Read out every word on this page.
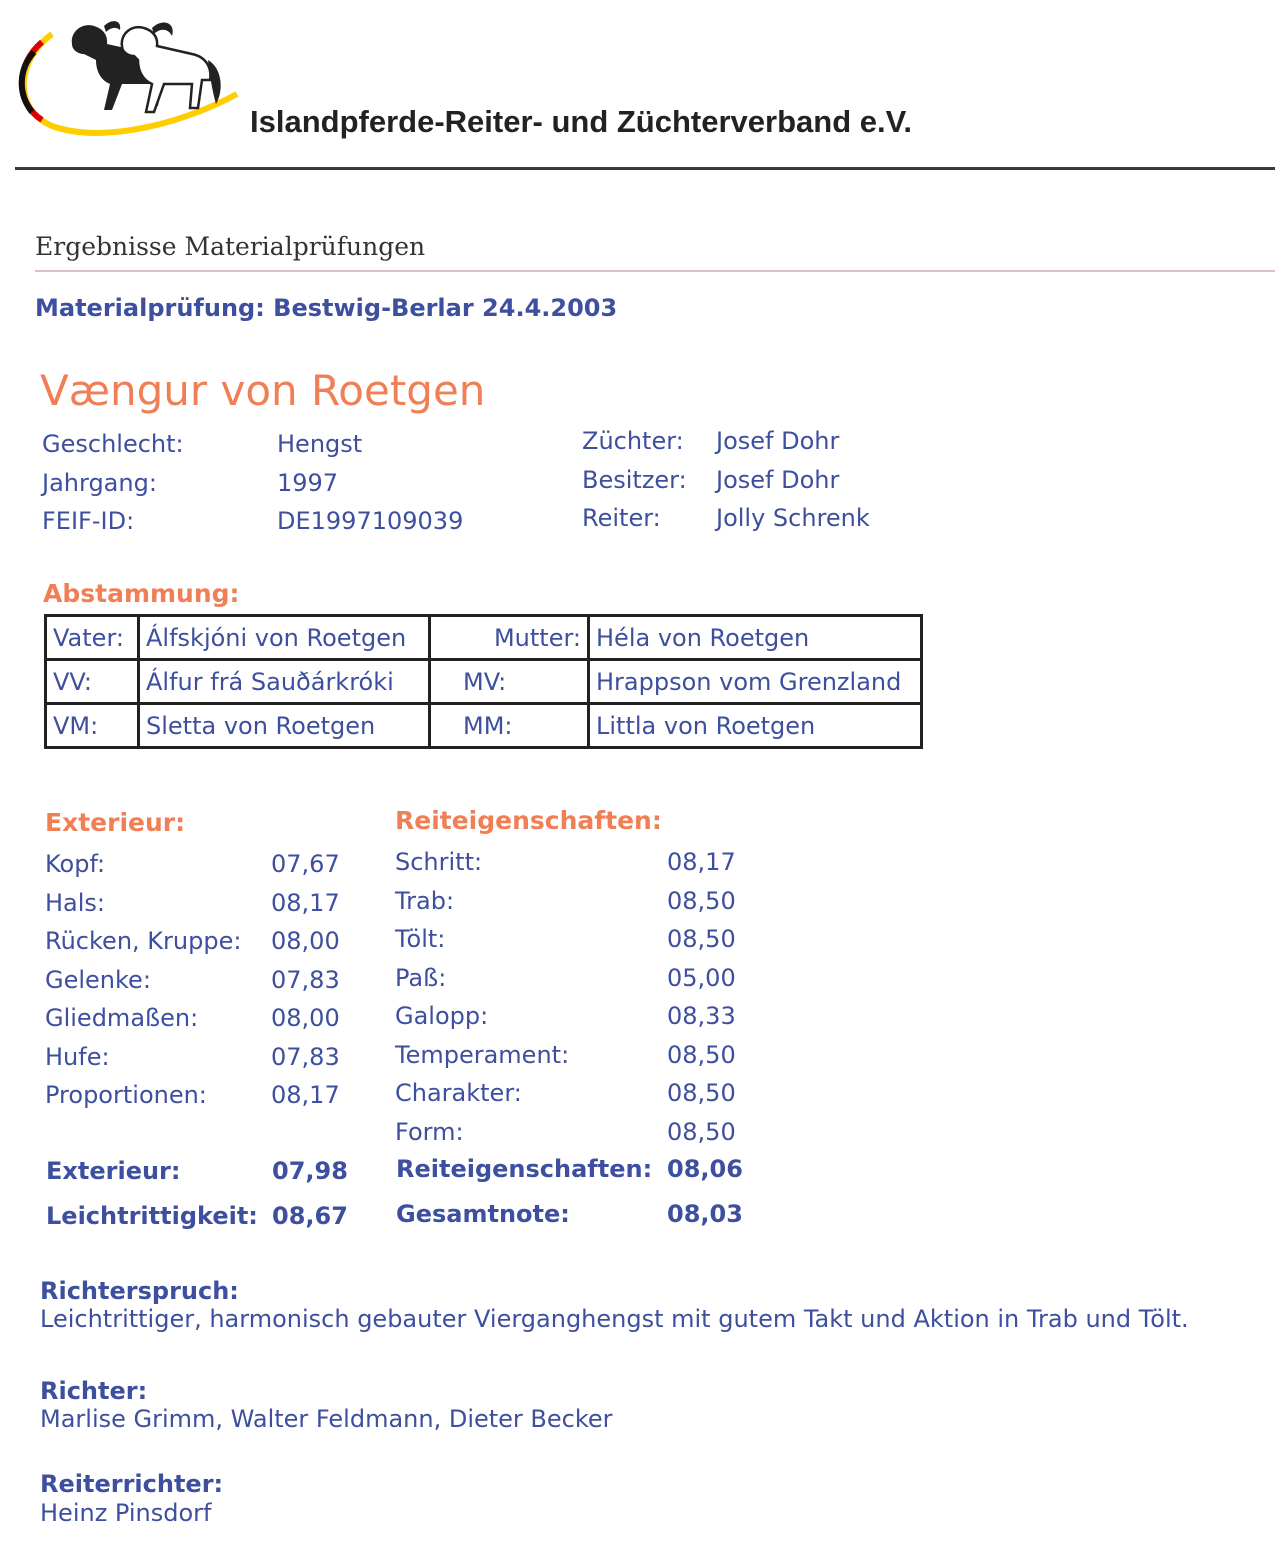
Islandpferde-Reiter- und Züchterverband e.V.
Ergebnisse Materialprüfungen
Materialprüfung: Bestwig-Berlar 24.4.2003
Vængur von Roetgen
Geschlecht:	Hengst
Jahrgang:	1997
FEIF-ID:	DE1997109039
Züchter: Josef Dohr
Besitzer: Josef Dohr
Reiter: Jolly Schrenk
Abstammung:
Vater:	Álfskjóni von Roetgen	Mutter:	Héla von Roetgen
VV:	Álfur frá Sauðárkróki	MV:	Hrappson vom Grenzland
VM:	Sletta von Roetgen	MM:	Littla von Roetgen
Exterieur:
Kopf:	07,67
Hals:	08,17
Rücken, Kruppe: 08,00
Gelenke:	07,83
Gliedmaßen:	08,00
Hufe:	07,83
Proportionen:	08,17
Exterieur:	07,98
Leichtrittigkeit: 08,67
Reiteigenschaften:
Schritt:	08,17
Trab:	08,50
Tölt:	08,50
Paß:	05,00
Galopp:	08,33
Temperament:	08,50
Charakter:	08,50
Form:	08,50
Reiteigenschaften: 08,06
Gesamtnote:	08,03
Richterspruch:
Leichtrittiger, harmonisch gebauter Vierganghengst mit gutem Takt und Aktion in Trab und Tölt.
Richter:
Marlise Grimm, Walter Feldmann, Dieter Becker
Reiterrichter:
Heinz Pinsdorf
